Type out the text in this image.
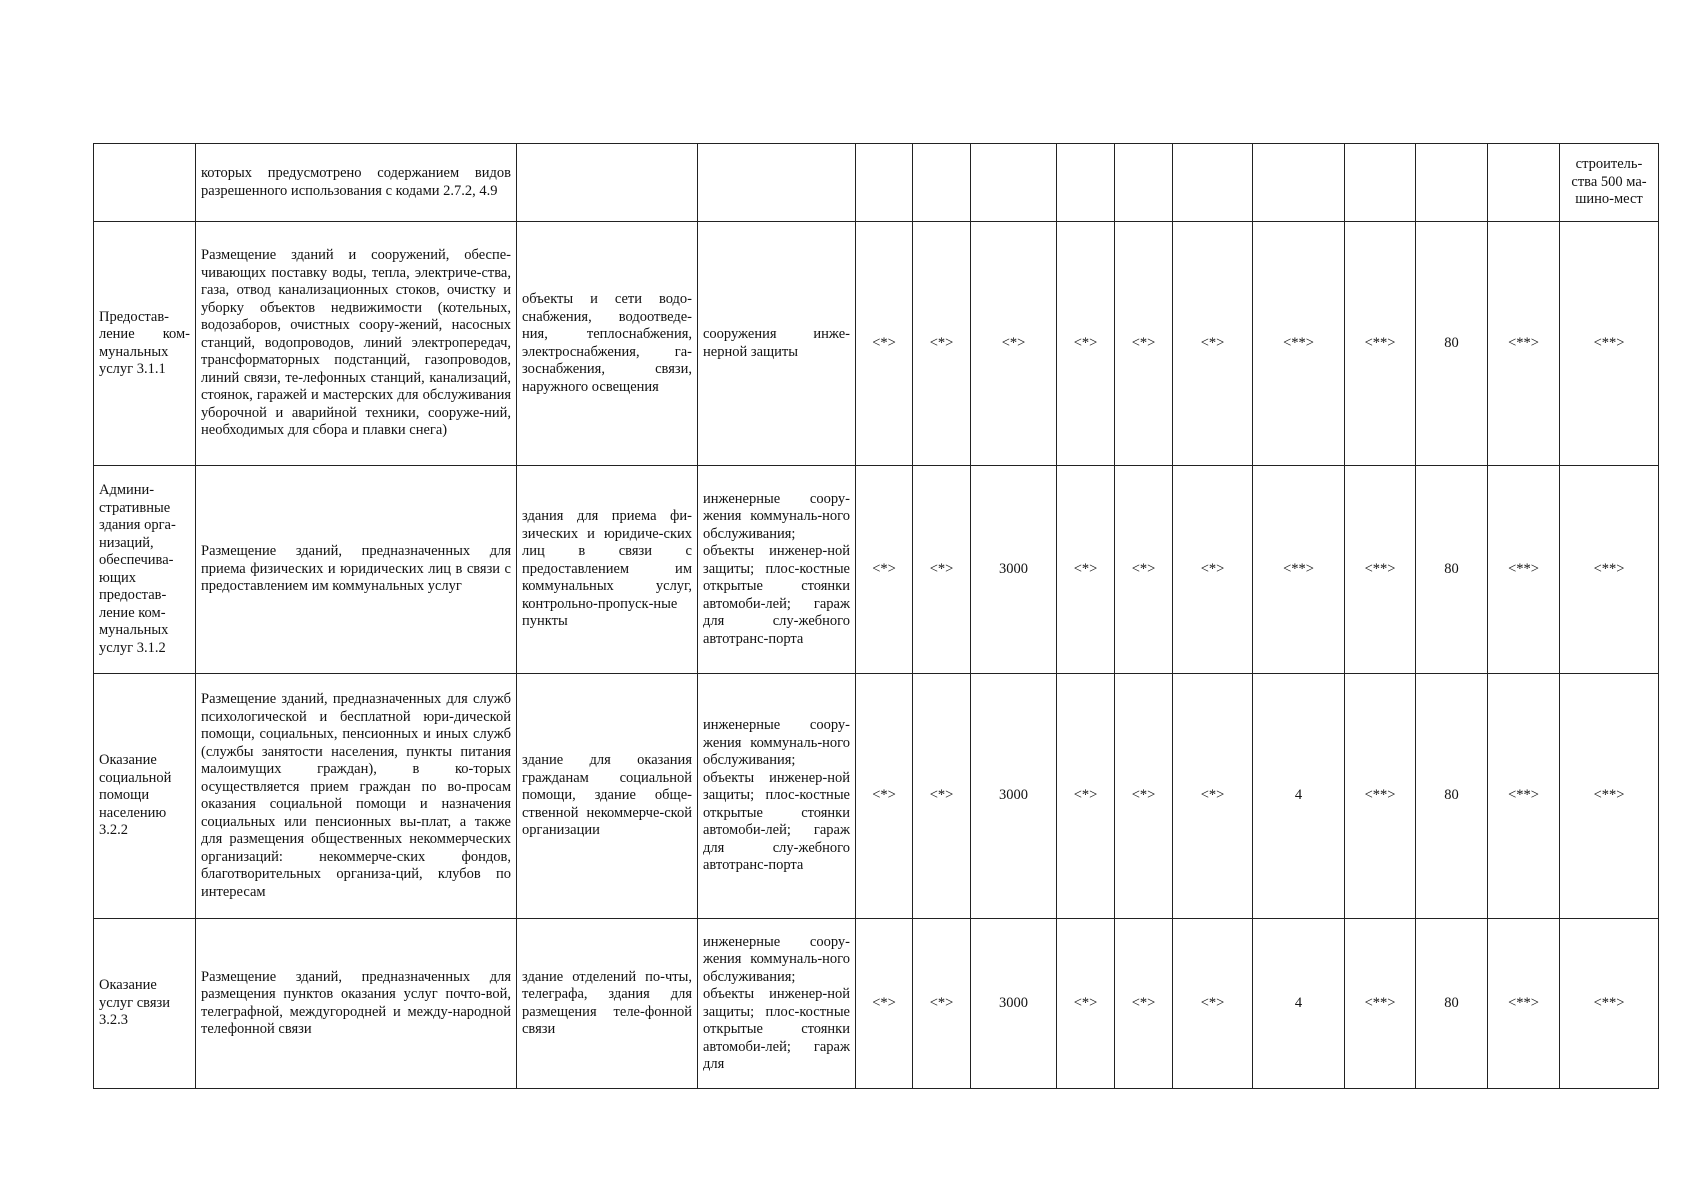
	которых предусмотрено содержанием видов разрешенного использования с кодами 2.7.2, 4.9													строитель-ства 500 ма-шино-мест
Предостав-ление ком-мунальных услуг 3.1.1	Размещение зданий и сооружений, обеспе-чивающих поставку воды, тепла, электриче-ства, газа, отвод канализационных стоков, очистку и уборку объектов недвижимости (котельных, водозаборов, очистных соору-жений, насосных станций, водопроводов, линий электропередач, трансформаторных подстанций, газопроводов, линий связи, те-лефонных станций, канализаций, стоянок, гаражей и мастерских для обслуживания уборочной и аварийной техники, сооруже-ний, необходимых для сбора и плавки снега)	объекты и сети водо-снабжения, водоотведе-ния, теплоснабжения, электроснабжения, га-зоснабжения, связи, наружного освещения	сооружения инже-нерной защиты	<*>	<*>	<*>	<*>	<*>	<*>	<**>	<**>	80	<**>	<**>
Админи-стративные здания орга-низаций, обеспечива-ющих предостав-ление ком-мунальных услуг 3.1.2	Размещение зданий, предназначенных для приема физических и юридических лиц в связи с предоставлением им коммунальных услуг	здания для приема фи-зических и юридиче-ских лиц в связи с предоставлением им коммунальных услуг, контрольно-пропуск-ные пункты	инженерные соору-жения коммуналь-ного обслуживания; объекты инженер-ной защиты; плос-костные открытые стоянки автомоби-лей; гараж для слу-жебного автотранс-порта	<*>	<*>	3000	<*>	<*>	<*>	<**>	<**>	80	<**>	<**>
Оказание социальной помощи населению 3.2.2	Размещение зданий, предназначенных для служб психологической и бесплатной юри-дической помощи, социальных, пенсионных и иных служб (службы занятости населения, пункты питания малоимущих граждан), в ко-торых осуществляется прием граждан по во-просам оказания социальной помощи и назначения социальных или пенсионных вы-плат, а также для размещения общественных некоммерческих организаций: некоммерче-ских фондов, благотворительных организа-ций, клубов по интересам	здание для оказания гражданам социальной помощи, здание обще-ственной некоммерче-ской организации	инженерные соору-жения коммуналь-ного обслуживания; объекты инженер-ной защиты; плос-костные открытые стоянки автомоби-лей; гараж для слу-жебного автотранс-порта	<*>	<*>	3000	<*>	<*>	<*>	4	<**>	80	<**>	<**>
Оказание услуг связи 3.2.3	Размещение зданий, предназначенных для размещения пунктов оказания услуг почто-вой, телеграфной, междугородней и между-народной телефонной связи	здание отделений по-чты, телеграфа, здания для размещения теле-фонной связи	инженерные соору-жения коммуналь-ного обслуживания; объекты инженер-ной защиты; плос-костные открытые стоянки автомоби-лей; гараж для	<*>	<*>	3000	<*>	<*>	<*>	4	<**>	80	<**>	<**>
